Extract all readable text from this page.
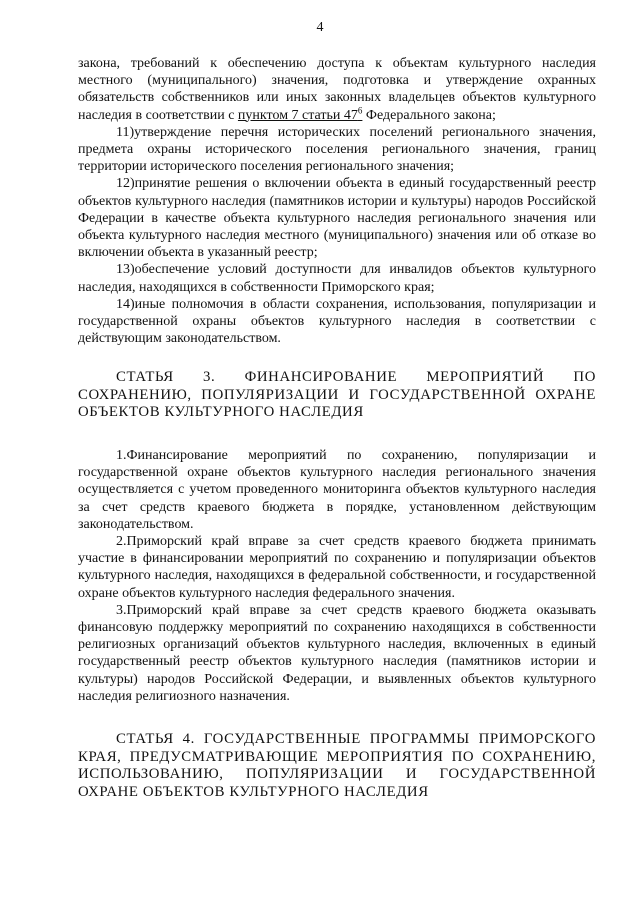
4

закона, требований к обеспечению доступа к объектам культурного наследия местного (муниципального) значения, подготовка и утверждение охранных обязательств собственников или иных законных владельцев объектов культурного наследия в соответствии с пунктом 7 статьи $47^6$ Федерального закона;

11)утверждение перечня исторических поселений регионального значения, предмета охраны исторического поселения регионального значения, границ территории исторического поселения регионального значения;

12)принятие решения о включении объекта в единый государственный реестр объектов культурного наследия (памятников истории и культуры) народов Российской Федерации в качестве объекта культурного наследия регионального значения или объекта культурного наследия местного (муниципального) значения или об отказе во включении объекта в указанный реестр;

13)обеспечение условий доступности для инвалидов объектов культурного наследия, находящихся в собственности Приморского края;

14)иные полномочия в области сохранения, использования, популяризации и государственной охраны объектов культурного наследия в соответствии с действующим законодательством.

СТАТЬЯ 3. ФИНАНСИРОВАНИЕ МЕРОПРИЯТИЙ ПО СОХРАНЕНИЮ, ПОПУЛЯРИЗАЦИИ И ГОСУДАРСТВЕННОЙ ОХРАНЕ ОБЪЕКТОВ КУЛЬТУРНОГО НАСЛЕДИЯ

1.Финансирование мероприятий по сохранению, популяризации и государственной охране объектов культурного наследия регионального значения осуществляется с учетом проведенного мониторинга объектов культурного наследия за счет средств краевого бюджета в порядке, установленном действующим законодательством.

2.Приморский край вправе за счет средств краевого бюджета принимать участие в финансировании мероприятий по сохранению и популяризации объектов культурного наследия, находящихся в федеральной собственности, и государственной охране объектов культурного наследия федерального значения.

3.Приморский край вправе за счет средств краевого бюджета оказывать финансовую поддержку мероприятий по сохранению находящихся в собственности религиозных организаций объектов культурного наследия, включенных в единый государственный реестр объектов культурного наследия (памятников истории и культуры) народов Российской Федерации, и выявленных объектов культурного наследия религиозного назначения.

СТАТЬЯ 4. ГОСУДАРСТВЕННЫЕ ПРОГРАММЫ ПРИМОРСКОГО КРАЯ, ПРЕДУСМАТРИВАЮЩИЕ МЕРОПРИЯТИЯ ПО СОХРАНЕНИЮ, ИСПОЛЬЗОВАНИЮ, ПОПУЛЯРИЗАЦИИ И ГОСУДАРСТВЕННОЙ ОХРАНЕ ОБЪЕКТОВ КУЛЬТУРНОГО НАСЛЕДИЯ
